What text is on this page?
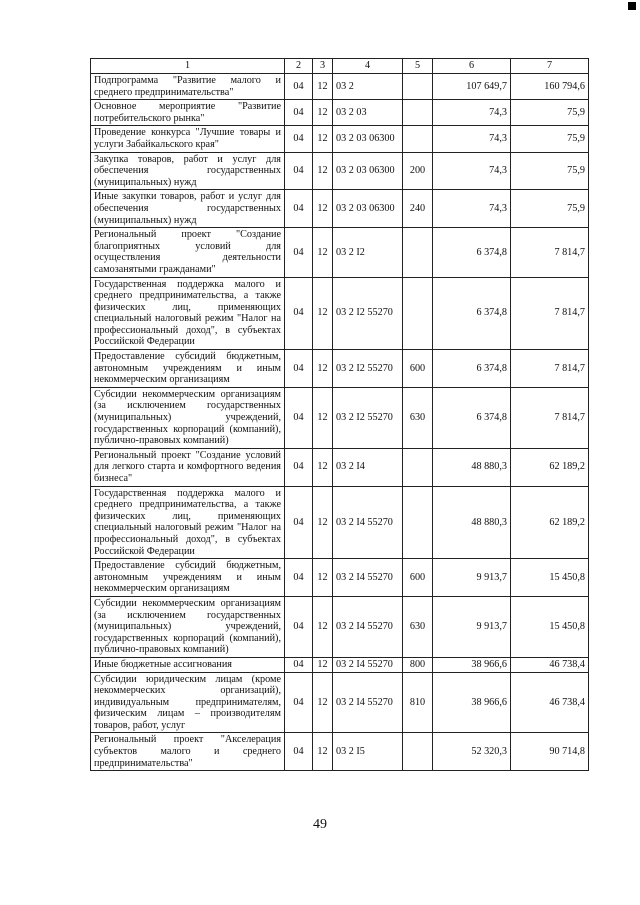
1	2	3	4	5	6	7
Подпрограмма "Развитие малого и среднего предпринимательства"	04	12	03 2		107 649,7	160 794,6
Основное мероприятие "Развитие потребительского рынка"	04	12	03 2 03		74,3	75,9
Проведение конкурса "Лучшие товары и услуги Забайкальского края"	04	12	03 2 03 06300		74,3	75,9
Закупка товаров, работ и услуг для обеспечения государственных (муниципальных) нужд	04	12	03 2 03 06300	200	74,3	75,9
Иные закупки товаров, работ и услуг для обеспечения государственных (муниципальных) нужд	04	12	03 2 03 06300	240	74,3	75,9
Региональный проект "Создание благоприятных условий для осуществления деятельности самозанятыми гражданами"	04	12	03 2 I2		6 374,8	7 814,7
Государственная поддержка малого и среднего предпринимательства, а также физических лиц, применяющих специальный налоговый режим "Налог на профессиональный доход", в субъектах Российской Федерации	04	12	03 2 I2 55270		6 374,8	7 814,7
Предоставление субсидий бюджетным, автономным учреждениям и иным некоммерческим организациям	04	12	03 2 I2 55270	600	6 374,8	7 814,7
Субсидии некоммерческим организациям (за исключением государственных (муниципальных) учреждений, государственных корпораций (компаний), публично-правовых компаний)	04	12	03 2 I2 55270	630	6 374,8	7 814,7
Региональный проект "Создание условий для легкого старта и комфортного ведения бизнеса"	04	12	03 2 I4		48 880,3	62 189,2
Государственная поддержка малого и среднего предпринимательства, а также физических лиц, применяющих специальный налоговый режим "Налог на профессиональный доход", в субъектах Российской Федерации	04	12	03 2 I4 55270		48 880,3	62 189,2
Предоставление субсидий бюджетным, автономным учреждениям и иным некоммерческим организациям	04	12	03 2 I4 55270	600	9 913,7	15 450,8
Субсидии некоммерческим организациям (за исключением государственных (муниципальных) учреждений, государственных корпораций (компаний), публично-правовых компаний)	04	12	03 2 I4 55270	630	9 913,7	15 450,8
Иные бюджетные ассигнования	04	12	03 2 I4 55270	800	38 966,6	46 738,4
Субсидии юридическим лицам (кроме некоммерческих организаций), индивидуальным предпринимателям, физическим лицам – производителям товаров, работ, услуг	04	12	03 2 I4 55270	810	38 966,6	46 738,4
Региональный проект "Акселерация субъектов малого и среднего предпринимательства"	04	12	03 2 I5		52 320,3	90 714,8
49
